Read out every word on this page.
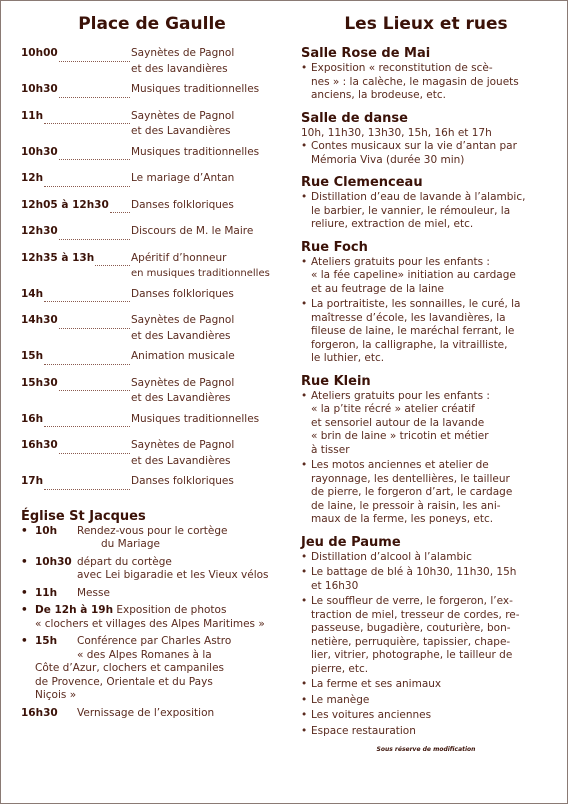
Place de Gaulle
10h00	Saynètes de Pagnol
et des lavandières
10h30	Musiques traditionnelles
11h	Saynètes de Pagnol
et des Lavandières
10h30	Musiques traditionnelles
12h	Le mariage d’Antan
12h05 à 12h30 Danses folkloriques
12h30	Discours de M. le Maire
12h35 à 13h	Apéritif d’honneur
en musiques traditionnelles
14h	Danses folkloriques
14h30	Saynètes de Pagnol
et des Lavandières
15h	Animation musicale
15h30	Saynètes de Pagnol
et des Lavandières
16h	Musiques traditionnelles
16h30	Saynètes de Pagnol
et des Lavandières
17h	Danses folkloriques
Église St Jacques
• 10h	Rendez-vous pour le cortège
du Mariage
• 10h30 départ du cortège
avec Lei bigaradie et les Vieux vélos
• 11h	Messe
• De 12h à 19h Exposition de photos
« clochers et villages des Alpes Maritimes »
• 15h	Conférence par Charles Astro
« des Alpes Romanes à la
Côte d’Azur, clochers et campaniles
de Provence, Orientale et du Pays
Niçois »
16h30	Vernissage de l’exposition
Les Lieux et rues
Salle Rose de Mai
• Exposition « reconstitution de scè-
nes » : la calèche, le magasin de jouets
anciens, la brodeuse, etc.
Salle de danse

10h, 11h30, 13h30, 15h, 16h et 17h

• Contes musicaux sur la vie d’antan par
Mémoria Viva (durée 30 min)
Rue Clemenceau
• Distillation d’eau de lavande à l’alambic,
le barbier, le vannier, le rémouleur, la
reliure, extraction de miel, etc.
Rue Foch
• Ateliers gratuits pour les enfants :
« la fée capeline» initiation au cardage
et au feutrage de la laine
• La portraitiste, les sonnailles, le curé, la
maîtresse d’école, les lavandières, la
fileuse de laine, le maréchal ferrant, le
forgeron, la calligraphe, la vitrailliste,
le luthier, etc.
Rue Klein
• Ateliers gratuits pour les enfants :
« la p’tite récré » atelier créatif
et sensoriel autour de la lavande
« brin de laine » tricotin et métier
à tisser
• Les motos anciennes et atelier de
rayonnage, les dentellières, le tailleur
de pierre, le forgeron d’art, le cardage
de laine, le pressoir à raisin, les ani-
maux de la ferme, les poneys, etc.
Jeu de Paume
• Distillation d’alcool à l’alambic
• Le battage de blé à 10h30, 11h30, 15h
et 16h30
• Le souffleur de verre, le forgeron, l’ex-
traction de miel, tresseur de cordes, re-
passeuse, bugadière, couturière, bon-
netière, perruquière, tapissier, chape-
lier, vitrier, photographe, le tailleur de
pierre, etc.
• La ferme et ses animaux
• Le manège
• Les voitures anciennes
• Espace restauration
Sous réserve de modification
